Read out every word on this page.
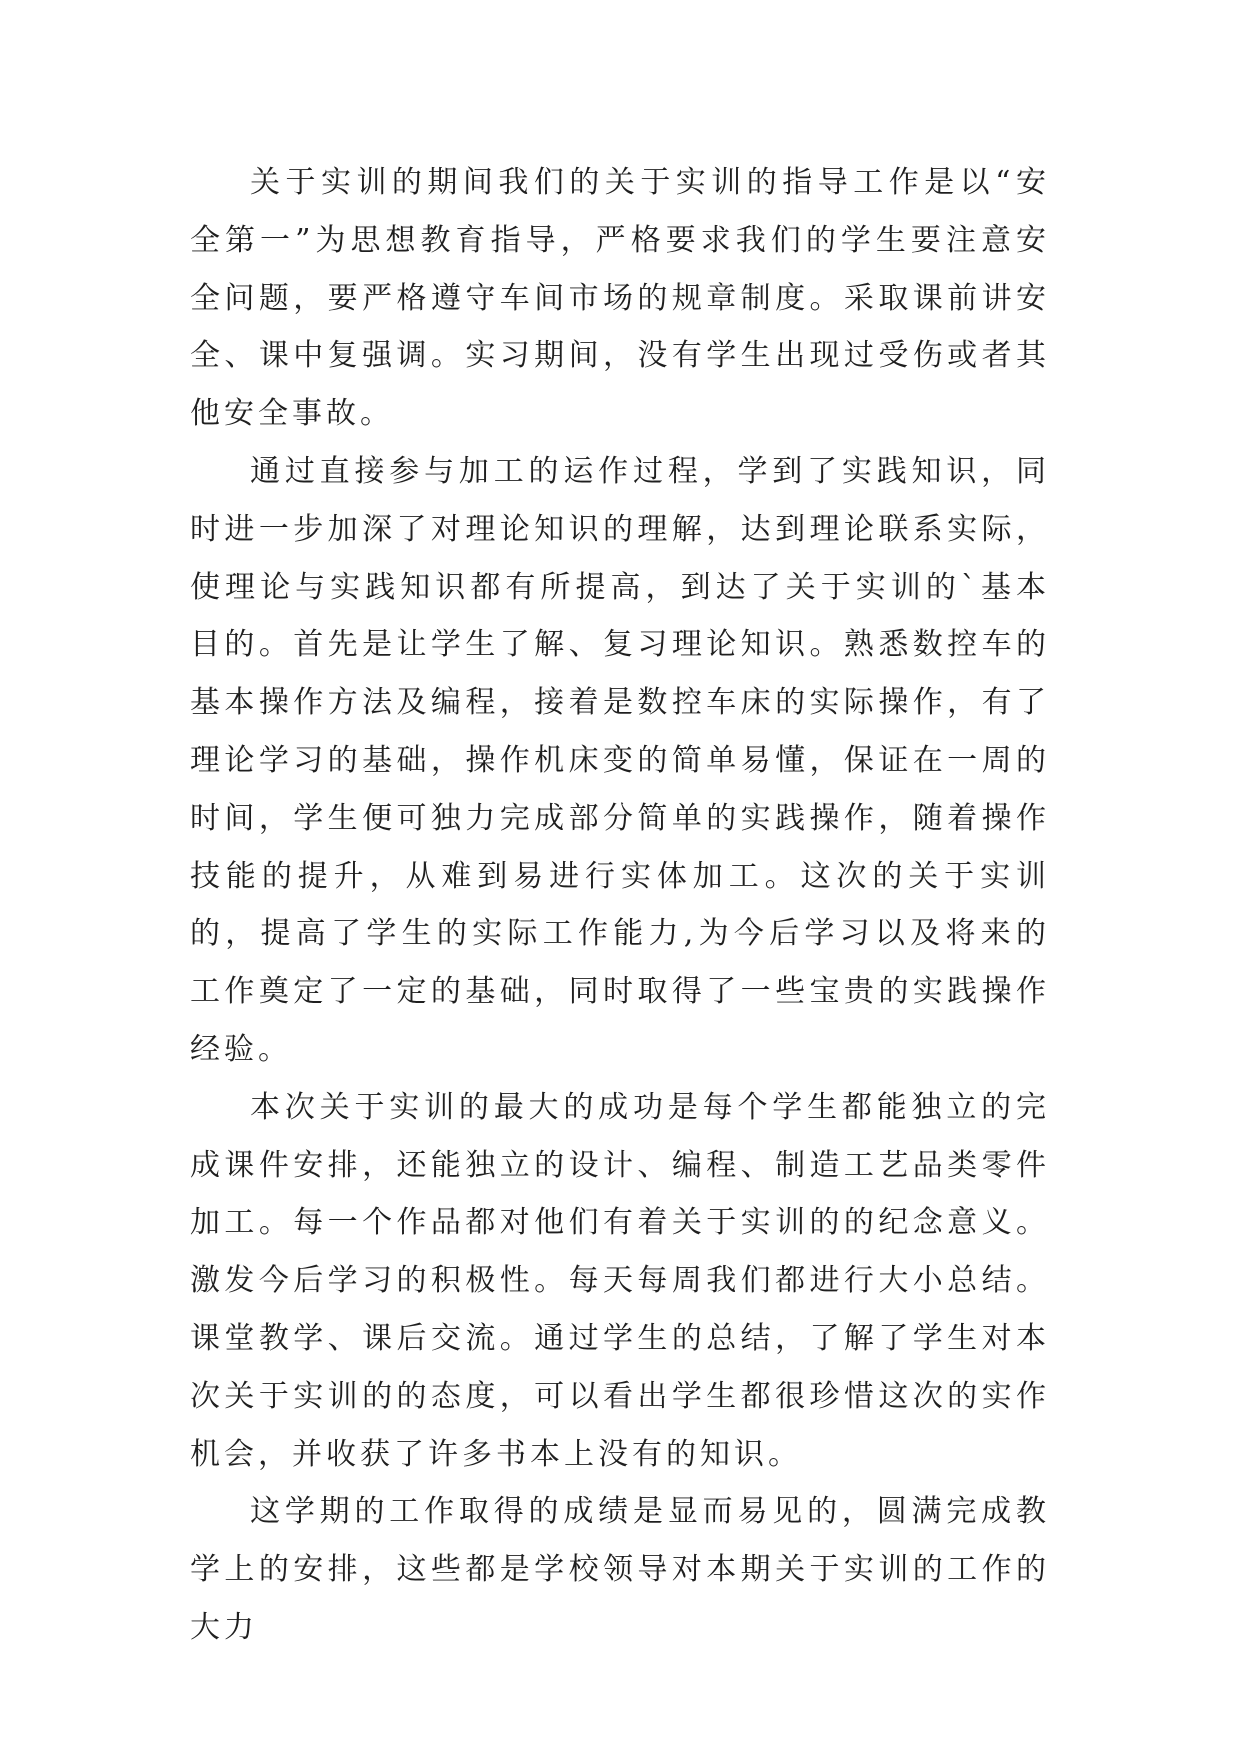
关于实训的期间我们的关于实训的指导工作是以“安全第一”为思想教育指导，严格要求我们的学生要注意安全问题，要严格遵守车间市场的规章制度。采取课前讲安全、课中复强调。实习期间，没有学生出现过受伤或者其他安全事故。

通过直接参与加工的运作过程，学到了实践知识，同时进一步加深了对理论知识的理解，达到理论联系实际，使理论与实践知识都有所提高，到达了关于实训的`基本目的。首先是让学生了解、复习理论知识。熟悉数控车的基本操作方法及编程，接着是数控车床的实际操作，有了理论学习的基础，操作机床变的简单易懂，保证在一周的时间，学生便可独力完成部分简单的实践操作，随着操作技能的提升，从难到易进行实体加工。这次的关于实训的，提高了学生的实际工作能力,为今后学习以及将来的工作奠定了一定的基础，同时取得了一些宝贵的实践操作经验。

本次关于实训的最大的成功是每个学生都能独立的完成课件安排，还能独立的设计、编程、制造工艺品类零件加工。每一个作品都对他们有着关于实训的的纪念意义。激发今后学习的积极性。每天每周我们都进行大小总结。课堂教学、课后交流。通过学生的总结，了解了学生对本次关于实训的的态度，可以看出学生都很珍惜这次的实作机会，并收获了许多书本上没有的知识。

这学期的工作取得的成绩是显而易见的，圆满完成教学上的安排，这些都是学校领导对本期关于实训的工作的大力
